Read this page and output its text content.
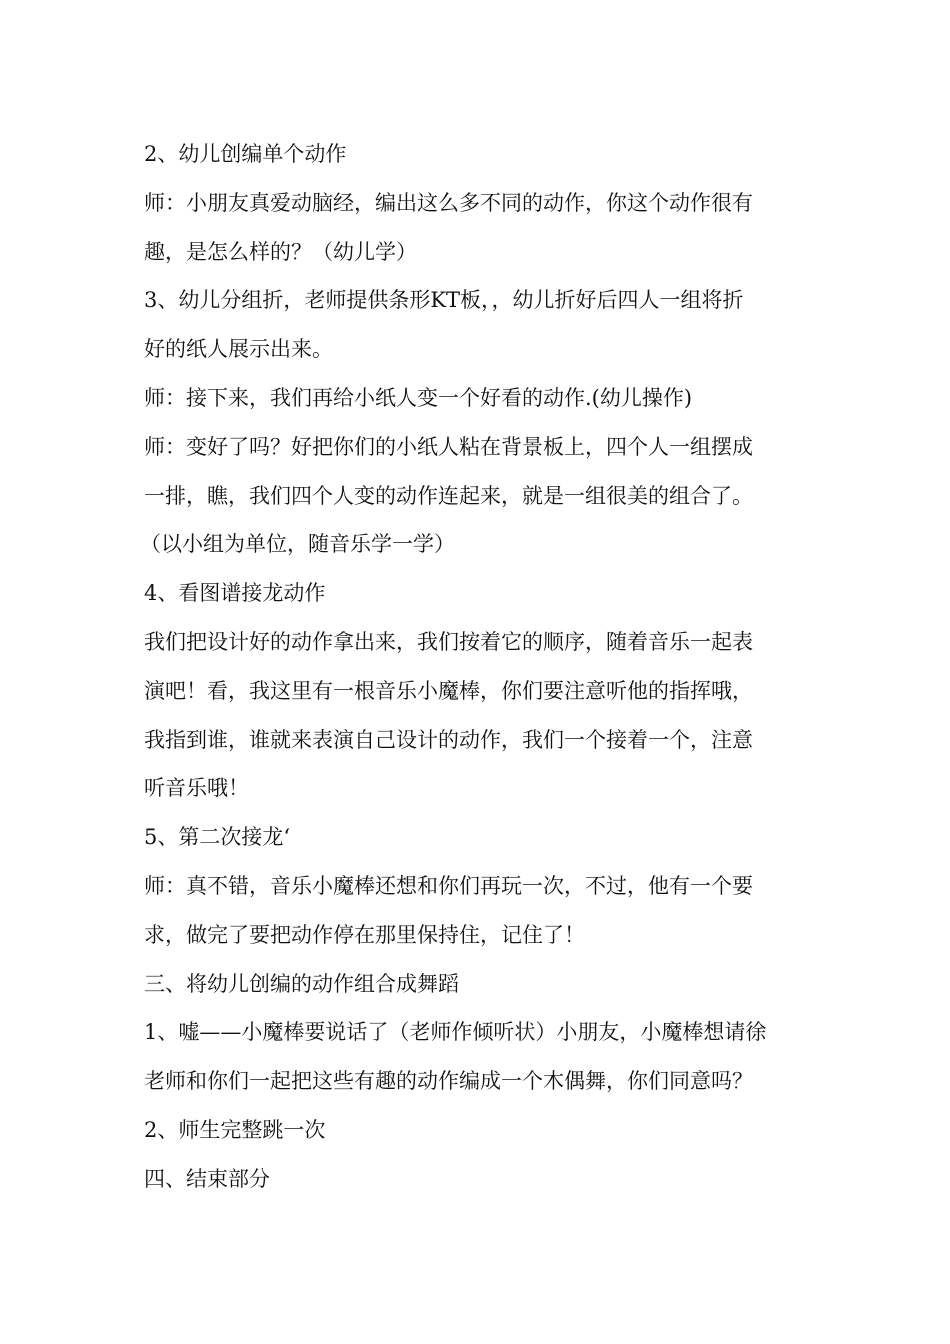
2、幼儿创编单个动作

师：小朋友真爱动脑经，编出这么多不同的动作，你这个动作很有

趣，是怎么样的？（幼儿学）

3、幼儿分组折，老师提供条形KT板，，幼儿折好后四人一组将折

好的纸人展示出来。

师：接下来，我们再给小纸人变一个好看的动作.(幼儿操作)

师：变好了吗？好把你们的小纸人粘在背景板上，四个人一组摆成

一排，瞧，我们四个人变的动作连起来，就是一组很美的组合了。

（以小组为单位，随音乐学一学）

4、看图谱接龙动作

我们把设计好的动作拿出来，我们按着它的顺序，随着音乐一起表

演吧！看，我这里有一根音乐小魔棒，你们要注意听他的指挥哦，

我指到谁，谁就来表演自己设计的动作，我们一个接着一个，注意

听音乐哦！

5、第二次接龙‘

师：真不错，音乐小魔棒还想和你们再玩一次，不过，他有一个要

求，做完了要把动作停在那里保持住，记住了！

三、将幼儿创编的动作组合成舞蹈

1、嘘——小魔棒要说话了（老师作倾听状）小朋友，小魔棒想请徐

老师和你们一起把这些有趣的动作编成一个木偶舞，你们同意吗？

2、师生完整跳一次

四、结束部分
